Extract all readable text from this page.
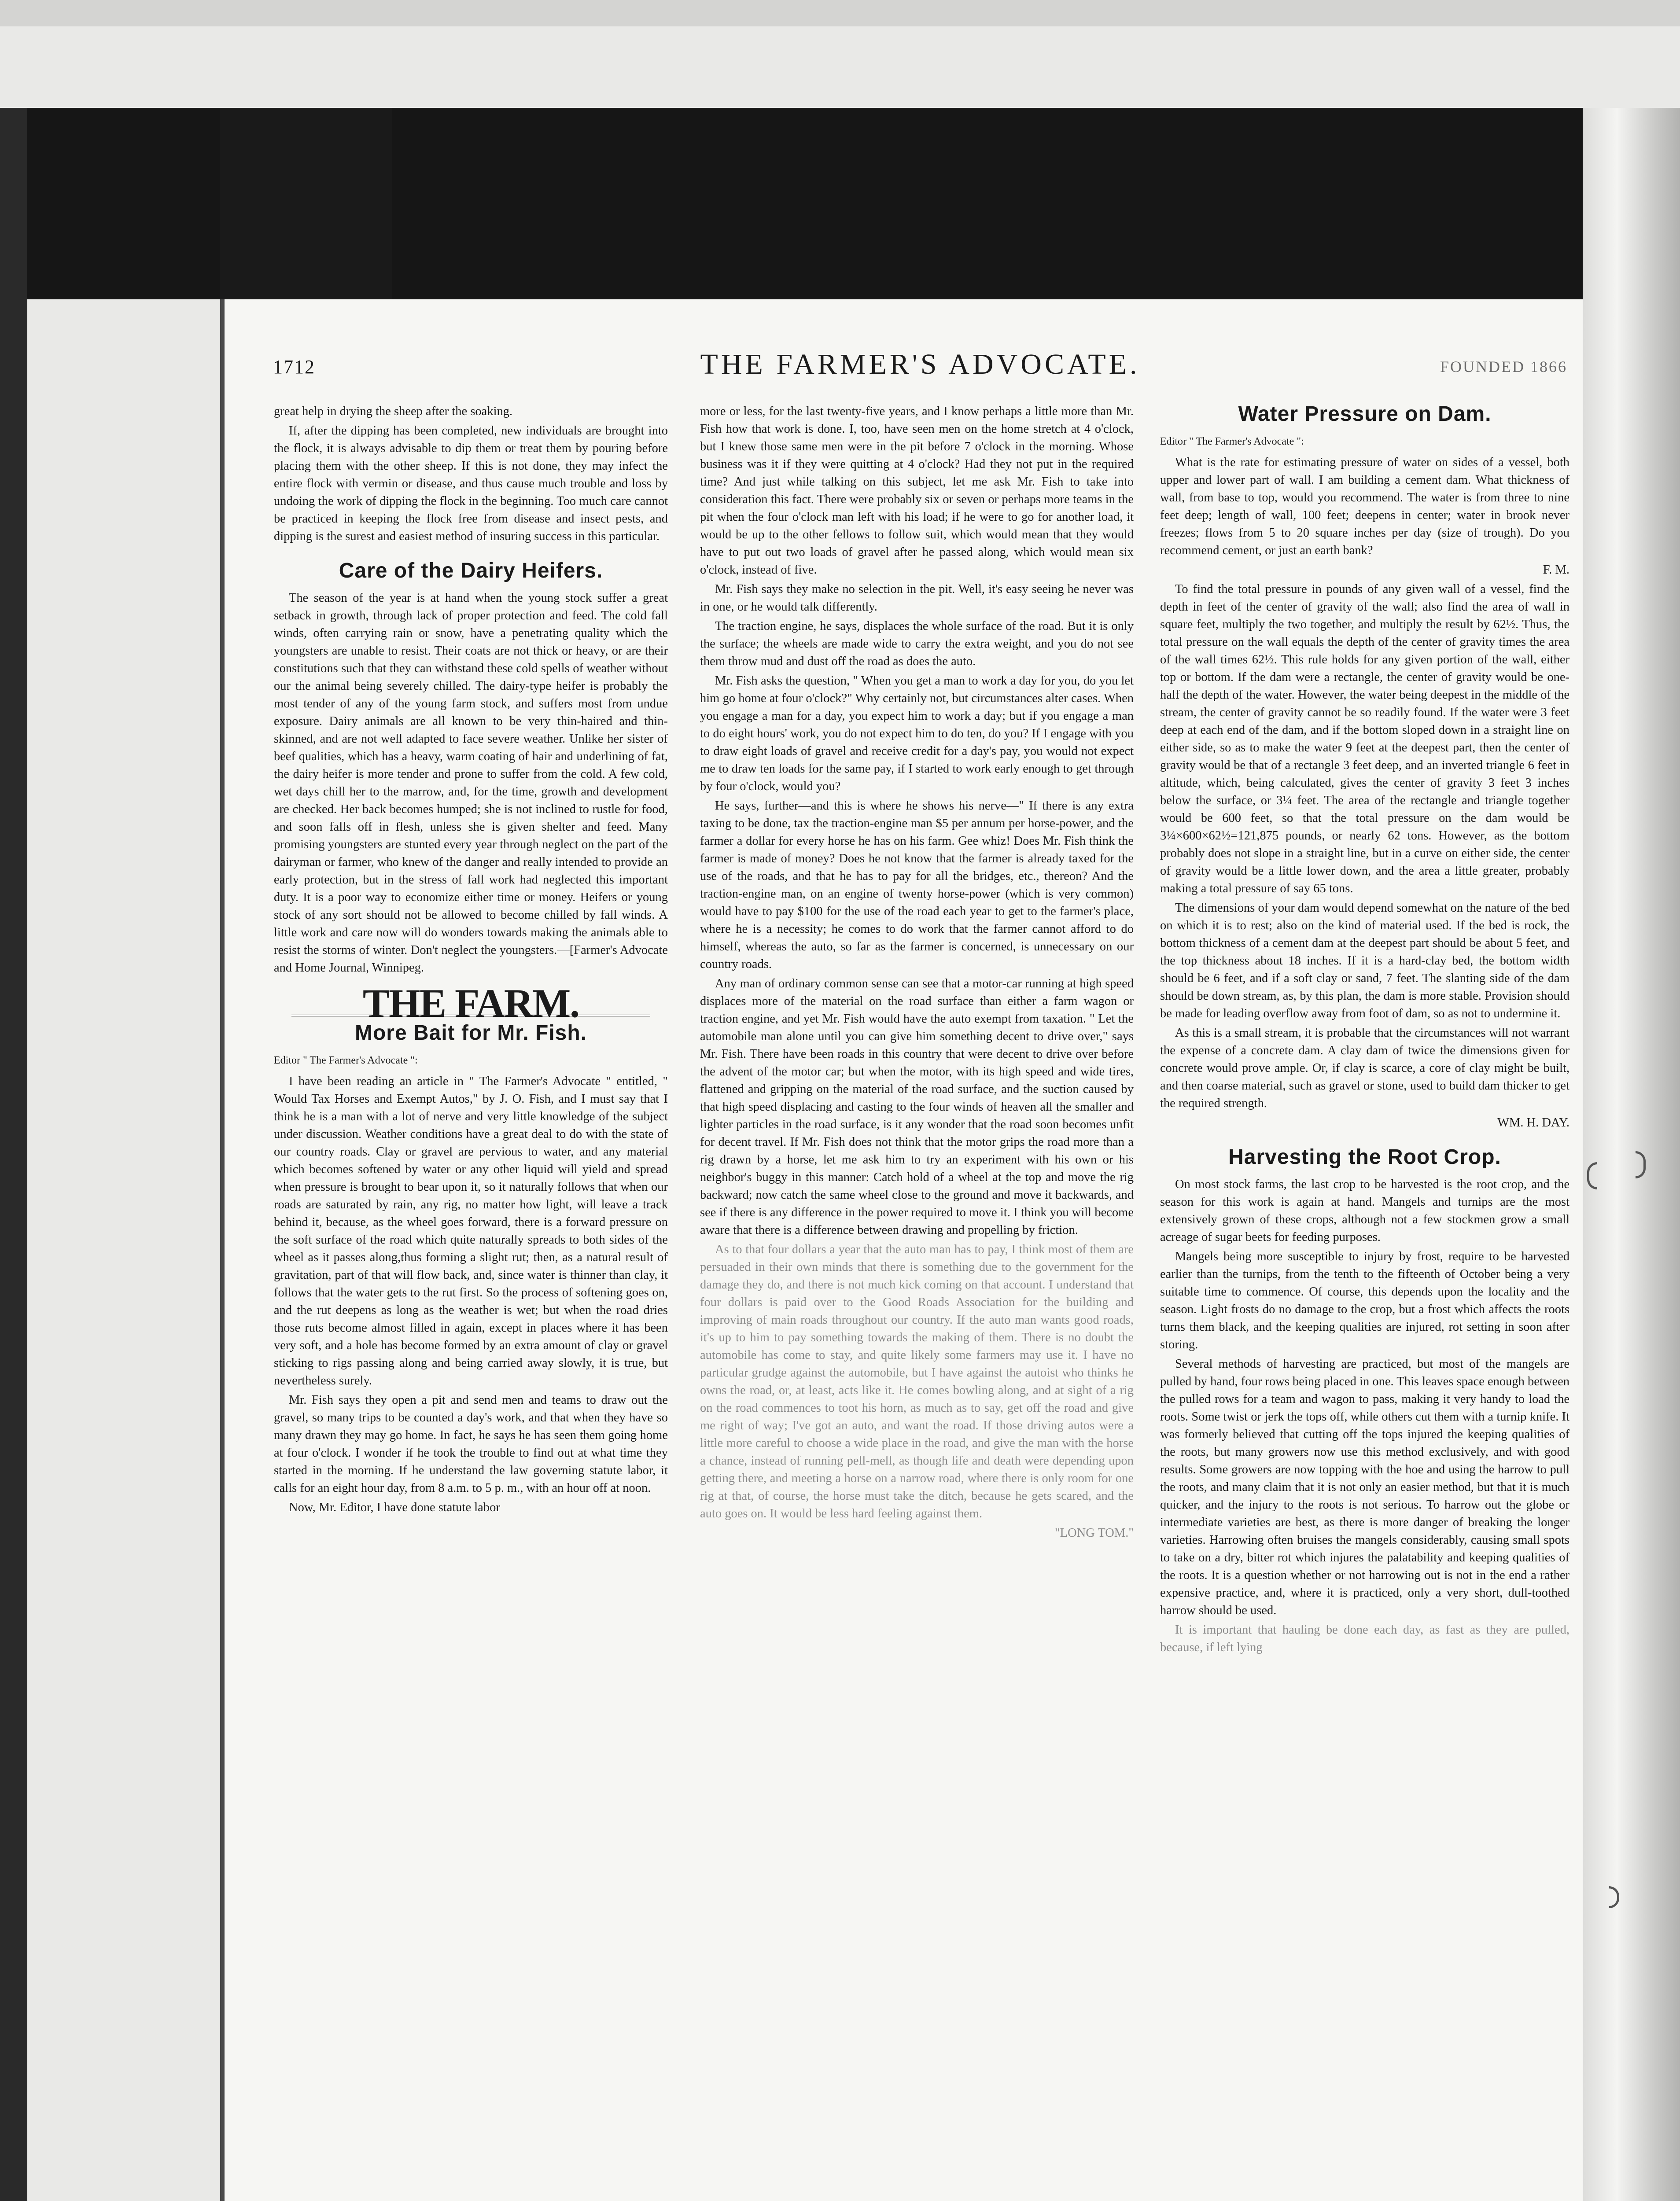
1712	THE FARMER'S ADVOCATE.	FOUNDED 1866

great help in drying the sheep after the soaking.

If, after the dipping has been completed, new individuals are brought into the flock, it is always advisable to dip them or treat them by pouring before placing them with the other sheep. If this is not done, they may infect the entire flock with vermin or disease, and thus cause much trouble and loss by undoing the work of dipping the flock in the beginning. Too much care cannot be practiced in keeping the flock free from disease and insect pests, and dipping is the surest and easiest method of insuring success in this particular.

Care of the Dairy Heifers.

The season of the year is at hand when the young stock suffer a great setback in growth, through lack of proper protection and feed. The cold fall winds, often carrying rain or snow, have a penetrating quality which the youngsters are unable to resist. Their coats are not thick or heavy, or are their constitutions such that they can withstand these cold spells of weather without our the animal being severely chilled. The dairy-type heifer is probably the most tender of any of the young farm stock, and suffers most from undue exposure. Dairy animals are all known to be very thin-haired and thin-skinned, and are not well adapted to face severe weather. Unlike her sister of beef qualities, which has a heavy, warm coating of hair and underlining of fat, the dairy heifer is more tender and prone to suffer from the cold. A few cold, wet days chill her to the marrow, and, for the time, growth and development are checked. Her back becomes humped; she is not inclined to rustle for food, and soon falls off in flesh, unless she is given shelter and feed. Many promising youngsters are stunted every year through neglect on the part of the dairyman or farmer, who knew of the danger and really intended to provide an early protection, but in the stress of fall work had neglected this important duty. It is a poor way to economize either time or money. Heifers or young stock of any sort should not be allowed to become chilled by fall winds. A little work and care now will do wonders towards making the animals able to resist the storms of winter. Don't neglect the youngsters.—[Farmer's Advocate and Home Journal, Winnipeg.

THE FARM.
More Bait for Mr. Fish.

Editor " The Farmer's Advocate ":

I have been reading an article in " The Farmer's Advocate " entitled, " Would Tax Horses and Exempt Autos," by J. O. Fish, and I must say that I think he is a man with a lot of nerve and very little knowledge of the subject under discussion. Weather conditions have a great deal to do with the state of our country roads. Clay or gravel are pervious to water, and any material which becomes softened by water or any other liquid will yield and spread when pressure is brought to bear upon it, so it naturally follows that when our roads are saturated by rain, any rig, no matter how light, will leave a track behind it, because, as the wheel goes forward, there is a forward pressure on the soft surface of the road which quite naturally spreads to both sides of the wheel as it passes along,thus forming a slight rut; then, as a natural result of gravitation, part of that will flow back, and, since water is thinner than clay, it follows that the water gets to the rut first. So the process of softening goes on, and the rut deepens as long as the weather is wet; but when the road dries those ruts become almost filled in again, except in places where it has been very soft, and a hole has become formed by an extra amount of clay or gravel sticking to rigs passing along and being carried away slowly, it is true, but nevertheless surely.

Mr. Fish says they open a pit and send men and teams to draw out the gravel, so many trips to be counted a day's work, and that when they have so many drawn they may go home. In fact, he says he has seen them going home at four o'clock. I wonder if he took the trouble to find out at what time they started in the morning. If he understand the law governing statute labor, it calls for an eight hour day, from 8 a.m. to 5 p. m., with an hour off at noon.

Now, Mr. Editor, I have done statute labor

more or less, for the last twenty-five years, and I know perhaps a little more than Mr. Fish how that work is done. I, too, have seen men on the home stretch at 4 o'clock, but I knew those same men were in the pit before 7 o'clock in the morning. Whose business was it if they were quitting at 4 o'clock? Had they not put in the required time? And just while talking on this subject, let me ask Mr. Fish to take into consideration this fact. There were probably six or seven or perhaps more teams in the pit when the four o'clock man left with his load; if he were to go for another load, it would be up to the other fellows to follow suit, which would mean that they would have to put out two loads of gravel after he passed along, which would mean six o'clock, instead of five.

Mr. Fish says they make no selection in the pit. Well, it's easy seeing he never was in one, or he would talk differently.

The traction engine, he says, displaces the whole surface of the road. But it is only the surface; the wheels are made wide to carry the extra weight, and you do not see them throw mud and dust off the road as does the auto.

Mr. Fish asks the question, " When you get a man to work a day for you, do you let him go home at four o'clock?" Why certainly not, but circumstances alter cases. When you engage a man for a day, you expect him to work a day; but if you engage a man to do eight hours' work, you do not expect him to do ten, do you? If I engage with you to draw eight loads of gravel and receive credit for a day's pay, you would not expect me to draw ten loads for the same pay, if I started to work early enough to get through by four o'clock, would you?

He says, further—and this is where he shows his nerve—" If there is any extra taxing to be done, tax the traction-engine man $5 per annum per horse-power, and the farmer a dollar for every horse he has on his farm. Gee whiz! Does Mr. Fish think the farmer is made of money? Does he not know that the farmer is already taxed for the use of the roads, and that he has to pay for all the bridges, etc., thereon? And the traction-engine man, on an engine of twenty horse-power (which is very common) would have to pay $100 for the use of the road each year to get to the farmer's place, where he is a necessity; he comes to do work that the farmer cannot afford to do himself, whereas the auto, so far as the farmer is concerned, is unnecessary on our country roads.

Any man of ordinary common sense can see that a motor-car running at high speed displaces more of the material on the road surface than either a farm wagon or traction engine, and yet Mr. Fish would have the auto exempt from taxation. " Let the automobile man alone until you can give him something decent to drive over," says Mr. Fish. There have been roads in this country that were decent to drive over before the advent of the motor car; but when the motor, with its high speed and wide tires, flattened and gripping on the material of the road surface, and the suction caused by that high speed displacing and casting to the four winds of heaven all the smaller and lighter particles in the road surface, is it any wonder that the road soon becomes unfit for decent travel. If Mr. Fish does not think that the motor grips the road more than a rig drawn by a horse, let me ask him to try an experiment with his own or his neighbor's buggy in this manner: Catch hold of a wheel at the top and move the rig backward; now catch the same wheel close to the ground and move it backwards, and see if there is any difference in the power required to move it. I think you will become aware that there is a difference between drawing and propelling by friction.

As to that four dollars a year that the auto man has to pay, I think most of them are persuaded in their own minds that there is something due to the government for the damage they do, and there is not much kick coming on that account. I understand that four dollars is paid over to the Good Roads Association for the building and improving of main roads throughout our country. If the auto man wants good roads, it's up to him to pay something towards the making of them. There is no doubt the automobile has come to stay, and quite likely some farmers may use it. I have no particular grudge against the automobile, but I have against the autoist who thinks he owns the road, or, at least, acts like it. He comes bowling along, and at sight of a rig on the road commences to toot his horn, as much as to say, get off the road and give me right of way; I've got an auto, and want the road. If those driving autos were a little more careful to choose a wide place in the road, and give the man with the horse a chance, instead of running pell-mell, as though life and death were depending upon getting there, and meeting a horse on a narrow road, where there is only room for one rig at that, of course, the horse must take the ditch, because he gets scared, and the auto goes on. It would be less hard feeling against them.

"LONG TOM."

Water Pressure on Dam.

Editor " The Farmer's Advocate ":

What is the rate for estimating pressure of water on sides of a vessel, both upper and lower part of wall. I am building a cement dam. What thickness of wall, from base to top, would you recommend. The water is from three to nine feet deep; length of wall, 100 feet; deepens in center; water in brook never freezes; flows from 5 to 20 square inches per day (size of trough). Do you recommend cement, or just an earth bank?

F. M.

To find the total pressure in pounds of any given wall of a vessel, find the depth in feet of the center of gravity of the wall; also find the area of wall in square feet, multiply the two together, and multiply the result by 62½. Thus, the total pressure on the wall equals the depth of the center of gravity times the area of the wall times 62½. This rule holds for any given portion of the wall, either top or bottom. If the dam were a rectangle, the center of gravity would be one-half the depth of the water. However, the water being deepest in the middle of the stream, the center of gravity cannot be so readily found. If the water were 3 feet deep at each end of the dam, and if the bottom sloped down in a straight line on either side, so as to make the water 9 feet at the deepest part, then the center of gravity would be that of a rectangle 3 feet deep, and an inverted triangle 6 feet in altitude, which, being calculated, gives the center of gravity 3 feet 3 inches below the surface, or 3¼ feet. The area of the rectangle and triangle together would be 600 feet, so that the total pressure on the dam would be 3¼×600×62½=121,875 pounds, or nearly 62 tons. However, as the bottom probably does not slope in a straight line, but in a curve on either side, the center of gravity would be a little lower down, and the area a little greater, probably making a total pressure of say 65 tons.

The dimensions of your dam would depend somewhat on the nature of the bed on which it is to rest; also on the kind of material used. If the bed is rock, the bottom thickness of a cement dam at the deepest part should be about 5 feet, and the top thickness about 18 inches. If it is a hard-clay bed, the bottom width should be 6 feet, and if a soft clay or sand, 7 feet. The slanting side of the dam should be down stream, as, by this plan, the dam is more stable. Provision should be made for leading overflow away from foot of dam, so as not to undermine it.

As this is a small stream, it is probable that the circumstances will not warrant the expense of a concrete dam. A clay dam of twice the dimensions given for concrete would prove ample. Or, if clay is scarce, a core of clay might be built, and then coarse material, such as gravel or stone, used to build dam thicker to get the required strength.

WM. H. DAY.

Harvesting the Root Crop.

On most stock farms, the last crop to be harvested is the root crop, and the season for this work is again at hand. Mangels and turnips are the most extensively grown of these crops, although not a few stockmen grow a small acreage of sugar beets for feeding purposes.

Mangels being more susceptible to injury by frost, require to be harvested earlier than the turnips, from the tenth to the fifteenth of October being a very suitable time to commence. Of course, this depends upon the locality and the season. Light frosts do no damage to the crop, but a frost which affects the roots turns them black, and the keeping qualities are injured, rot setting in soon after storing.

Several methods of harvesting are practiced, but most of the mangels are pulled by hand, four rows being placed in one. This leaves space enough between the pulled rows for a team and wagon to pass, making it very handy to load the roots. Some twist or jerk the tops off, while others cut them with a turnip knife. It was formerly believed that cutting off the tops injured the keeping qualities of the roots, but many growers now use this method exclusively, and with good results. Some growers are now topping with the hoe and using the harrow to pull the roots, and many claim that it is not only an easier method, but that it is much quicker, and the injury to the roots is not serious. To harrow out the globe or intermediate varieties are best, as there is more danger of breaking the longer varieties. Harrowing often bruises the mangels considerably, causing small spots to take on a dry, bitter rot which injures the palatability and keeping qualities of the roots. It is a question whether or not harrowing out is not in the end a rather expensive practice, and, where it is practiced, only a very short, dull-toothed harrow should be used.

It is important that hauling be done each day, as fast as they are pulled, because, if left lying
